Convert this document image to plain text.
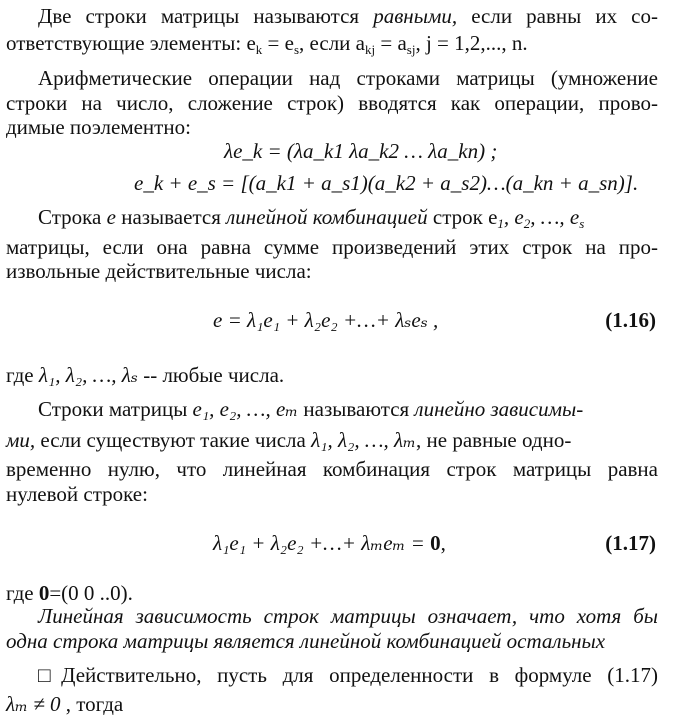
Две строки матрицы называются равными, если равны их со-
ответствующие элементы: $e_k = e_s$, если $a_{kj} = a_{sj}$, j = 1,2,..., n.
Арифметические операции над строками матрицы (умножение
строки на число, сложение строк) вводятся как операции, прово-
димые поэлементно:
λe_k = (λa_k1 λa_k2 … λa_kn) ;
e_k + e_s = [(a_k1 + a_s1)(a_k2 + a_s2)…(a_kn + a_sn)].
Строка e называется линейной комбинацией строк $e_1$, $e_2$, …, $e_s$
матрицы, если она равна сумме произведений этих строк на про-
извольные действительные числа:
e = λ₁e₁ + λ₂e₂ +…+ λₛeₛ ,	(1.16)
где λ₁, λ₂, …, λₛ -- любые числа.
Строки матрицы e₁, e₂, …, eₘ называются линейно зависимы-
ми, если существуют такие числа λ₁, λ₂, …, λₘ, не равные одно-
временно нулю, что линейная комбинация строк матрицы равна
нулевой строке:
λ₁e₁ + λ₂e₂ +…+ λₘeₘ = 0,	(1.17)
где 0=(0 0 ..0).
Линейная зависимость строк матрицы означает, что хотя бы
одна строка матрицы является линейной комбинацией остальных
□Действительно, пусть для определенности в формуле (1.17)
λₘ ≠ 0 , тогда
